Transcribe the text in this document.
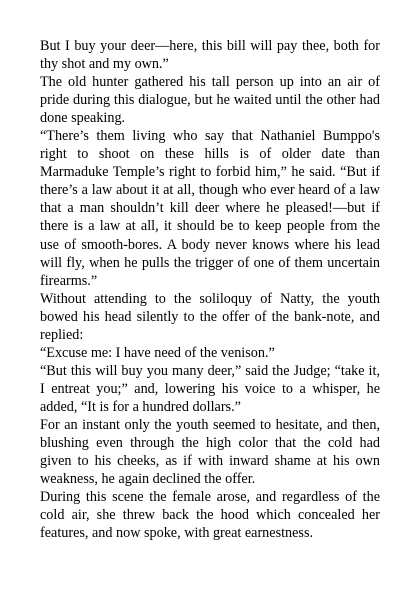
But I buy your deer—here, this bill will pay thee, both for thy shot and my own.”

The old hunter gathered his tall person up into an air of pride during this dialogue, but he waited until the other had done speaking.

“There’s them living who say that Nathaniel Bumppo's right to shoot on these hills is of older date than Marmaduke Temple’s right to forbid him,” he said. “But if there’s a law about it at all, though who ever heard of a law that a man shouldn’t kill deer where he pleased!—but if there is a law at all, it should be to keep people from the use of smooth-bores. A body never knows where his lead will fly, when he pulls the trigger of one of them uncertain firearms.”

Without attending to the soliloquy of Natty, the youth bowed his head silently to the offer of the bank-note, and replied:

“Excuse me: I have need of the venison.”

“But this will buy you many deer,” said the Judge; “take it, I entreat you;” and, lowering his voice to a whisper, he added, “It is for a hundred dollars.”

For an instant only the youth seemed to hesitate, and then, blushing even through the high color that the cold had given to his cheeks, as if with inward shame at his own weakness, he again declined the offer.

During this scene the female arose, and regardless of the cold air, she threw back the hood which concealed her features, and now spoke, with great earnestness.
